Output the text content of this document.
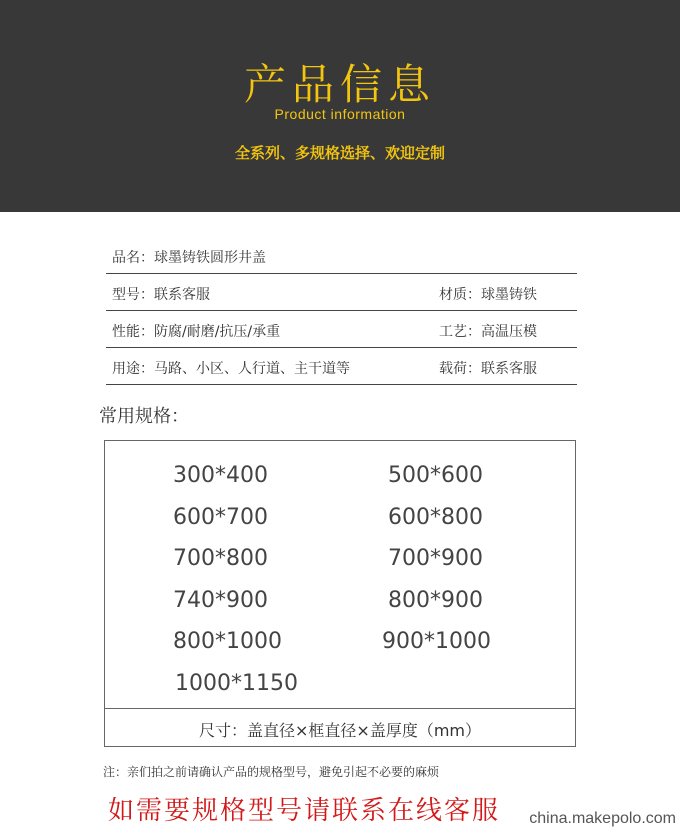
产品信息
Product information
全系列、多规格选择、欢迎定制
品名：球墨铸铁圆形井盖
型号：联系客服	材质：球墨铸铁
性能：防腐/耐磨/抗压/承重	工艺：高温压模
用途：马路、小区、人行道、主干道等	载荷：联系客服
常用规格：
300*400	500*600
600*700	600*800
700*800	700*900
740*900	800*900
800*1000	900*1000
1000*1150
尺寸：盖直径×框直径×盖厚度（mm）
注：亲们拍之前请确认产品的规格型号，避免引起不必要的麻烦
如需要规格型号请联系在线客服 china.makepolo.com
